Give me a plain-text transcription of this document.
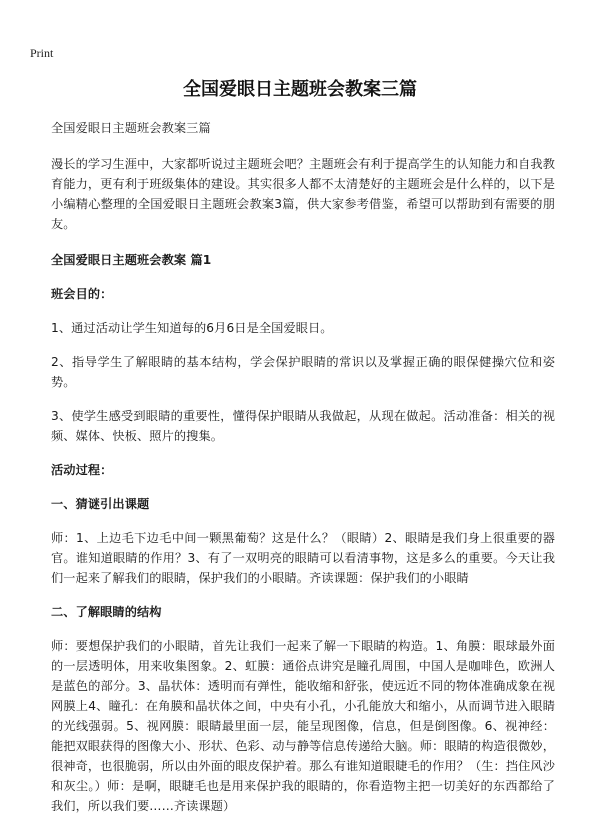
Print
全国爱眼日主题班会教案三篇

全国爱眼日主题班会教案三篇

漫长的学习生涯中，大家都听说过主题班会吧？主题班会有利于提高学生的认知能力和自我教育能力，更有利于班级集体的建设。其实很多人都不太清楚好的主题班会是什么样的，以下是小编精心整理的全国爱眼日主题班会教案3篇，供大家参考借鉴，希望可以帮助到有需要的朋友。

全国爱眼日主题班会教案 篇1

班会目的：

1、通过活动让学生知道每的6月6日是全国爱眼日。

2、指导学生了解眼睛的基本结构，学会保护眼睛的常识以及掌握正确的眼保健操穴位和姿势。

3、使学生感受到眼睛的重要性，懂得保护眼睛从我做起，从现在做起。活动准备：相关的视频、媒体、快板、照片的搜集。

活动过程：

一、猜谜引出课题

师：1、上边毛下边毛中间一颗黑葡萄？这是什么？（眼睛）2、眼睛是我们身上很重要的器官。谁知道眼睛的作用？3、有了一双明亮的眼睛可以看清事物，这是多么的重要。今天让我们一起来了解我们的眼睛，保护我们的小眼睛。齐读课题：保护我们的小眼睛

二、了解眼睛的结构

师：要想保护我们的小眼睛，首先让我们一起来了解一下眼睛的构造。1、角膜：眼球最外面的一层透明体，用来收集图象。2、虹膜：通俗点讲究是瞳孔周围，中国人是咖啡色，欧洲人是蓝色的部分。3、晶状体：透明而有弹性，能收缩和舒张，使远近不同的物体准确成象在视网膜上4、瞳孔：在角膜和晶状体之间，中央有小孔，小孔能放大和缩小，从而调节进入眼睛的光线强弱。5、视网膜：眼睛最里面一层，能呈现图像，信息，但是倒图像。6、视神经：能把双眼获得的图像大小、形状、色彩、动与静等信息传递给大脑。师：眼睛的构造很微妙，很神奇，也很脆弱，所以由外面的眼皮保护着。那么有谁知道眼睫毛的作用？（生：挡住风沙和灰尘。）师：是啊，眼睫毛也是用来保护我的眼睛的，你看造物主把一切美好的东西都给了我们，所以我们要……齐读课题）
